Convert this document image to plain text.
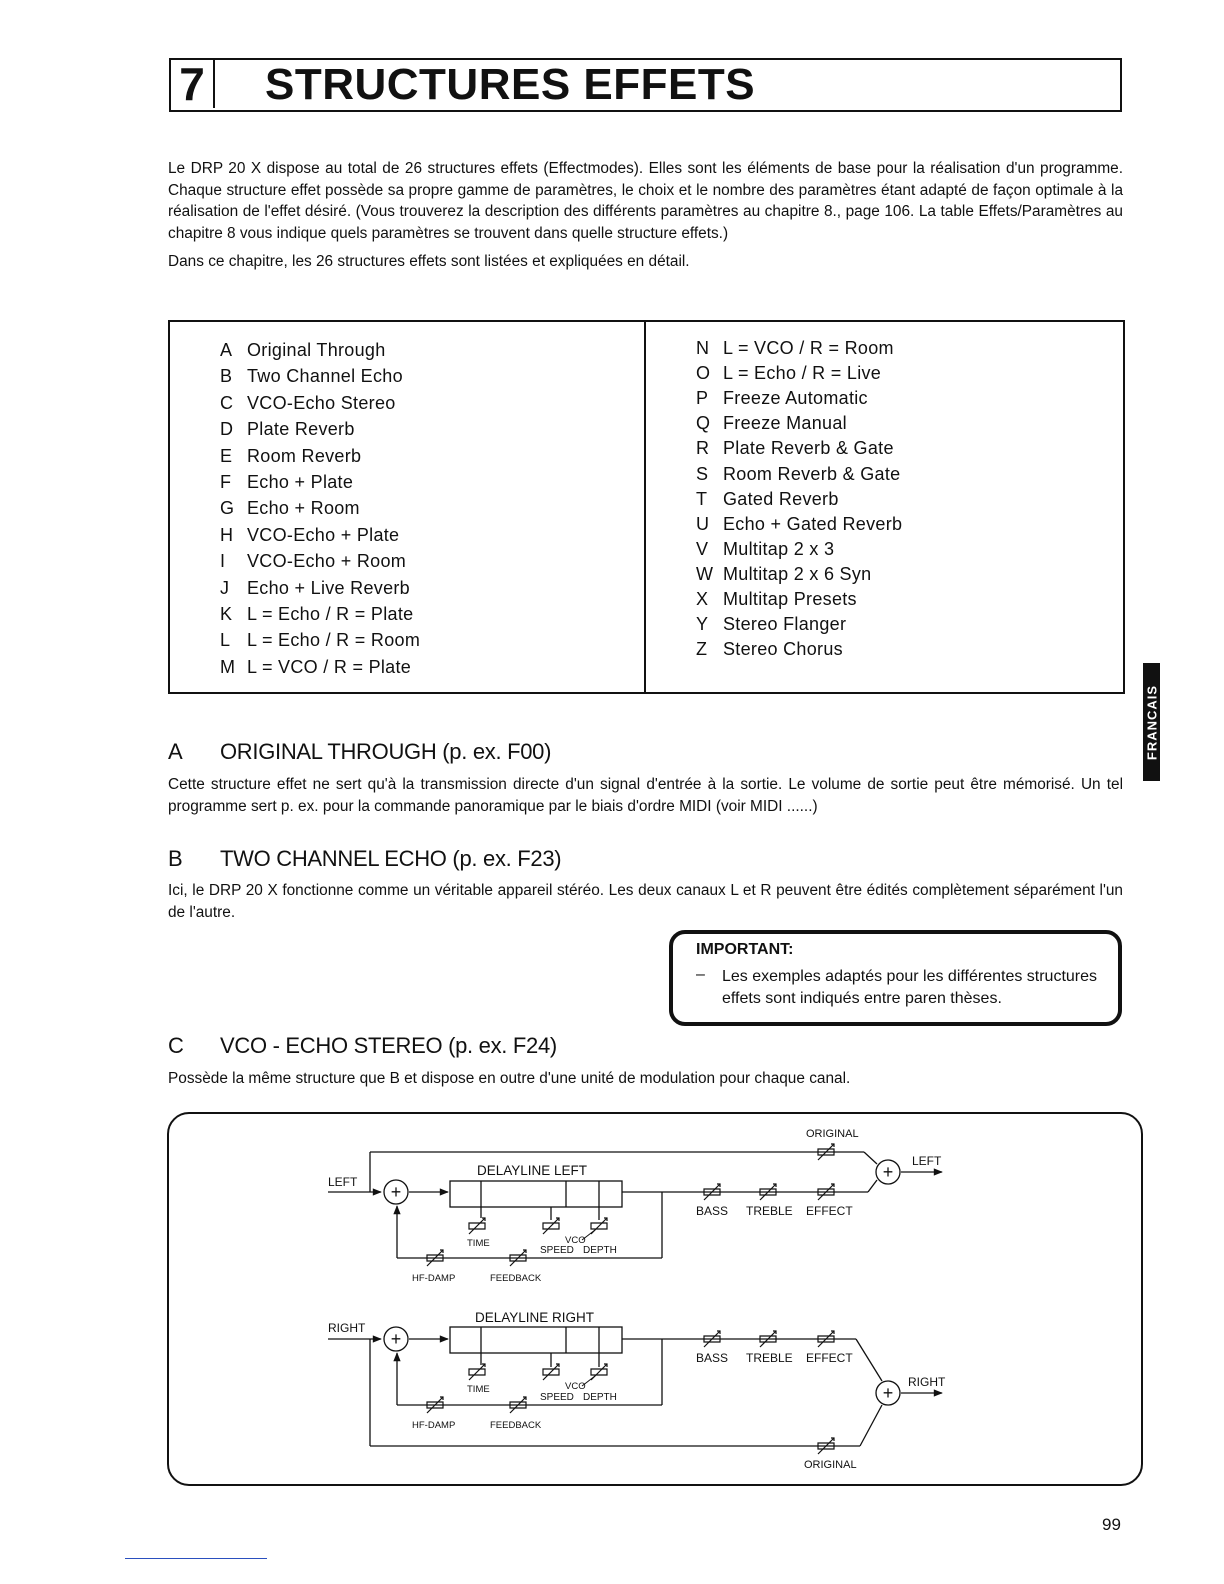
7 STRUCTURES EFFETS

Le DRP 20 X dispose au total de 26 structures effets (Effectmodes). Elles sont les éléments de base pour la réalisation d'un programme. Chaque structure effet possède sa propre gamme de paramètres, le choix et le nombre des paramètres étant adapté de façon optimale à la réalisation de l'effet désiré. (Vous trouverez la description des différents paramètres au chapitre 8., page 106. La table Effets/Paramètres au chapitre 8 vous indique quels paramètres se trouvent dans quelle structure effets.)

Dans ce chapitre, les 26 structures effets sont listées et expliquées en détail.

A Original Through
B Two Channel Echo
C VCO-Echo Stereo
D Plate Reverb
E Room Reverb
F Echo + Plate
G Echo + Room
H VCO-Echo + Plate
I VCO-Echo + Room
J Echo + Live Reverb
K L = Echo / R = Plate
L L = Echo / R = Room
M L = VCO / R = Plate
N L = VCO / R = Room
O L = Echo / R = Live
P Freeze Automatic
Q Freeze Manual
R Plate Reverb & Gate
S Room Reverb & Gate
T Gated Reverb
U Echo + Gated Reverb
V Multitap 2 x 3
W Multitap 2 x 6 Syn
X Multitap Presets
Y Stereo Flanger
Z Stereo Chorus
A ORIGINAL THROUGH (p. ex. F00)
Cette structure effet ne sert qu'à la transmission directe d'un signal d'entrée à la sortie. Le volume de sortie peut être mémorisé. Un tel programme sert p. ex. pour la commande panoramique par le biais d'ordre MIDI (voir MIDI ......)
B TWO CHANNEL ECHO (p. ex. F23)
Ici, le DRP 20 X fonctionne comme un véritable appareil stéréo. Les deux canaux L et R peuvent être édités complètement séparément l'un de l'autre.
IMPORTANT:
– Les exemples adaptés pour les différentes structures effets sont indiqués entre paren thèses.
C VCO - ECHO STEREO (p. ex. F24)
Possède la même structure que B et dispose en outre d'une unité de modulation pour chaque canal.
+
+
+
+
ORIGINAL
LEFT
LEFT
DELAYLINE LEFT
BASS TREBLE EFFECT
TIME	VCO
SPEED DEPTH
HF-DAMP	FEEDBACK
RIGHT
DELAYLINE RIGHT
BASS TREBLE EFFECT
RIGHT
TIME	VCO
SPEED DEPTH
HF-DAMP	FEEDBACK
ORIGINAL
FRANCAIS
99
